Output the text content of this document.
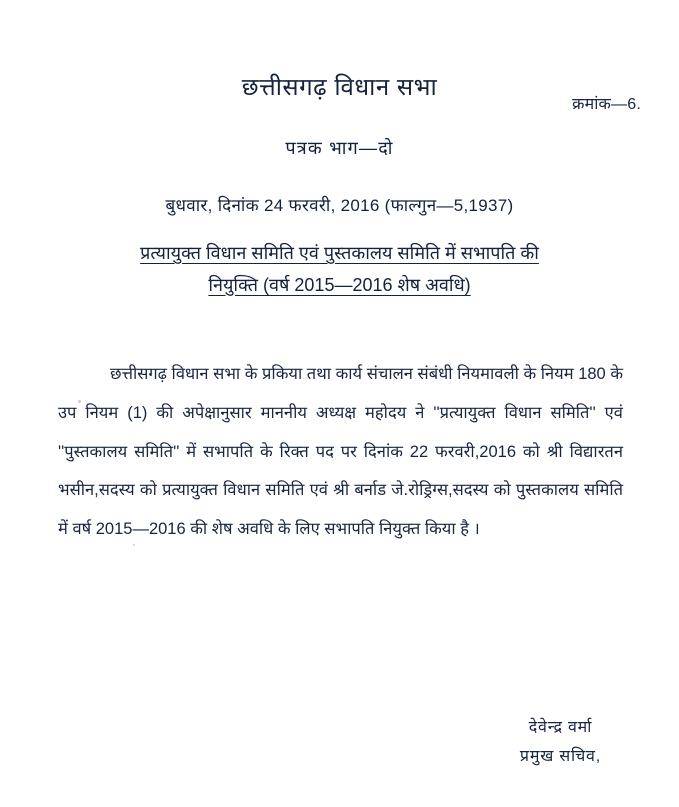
क्रमांक—6.
छत्तीसगढ़ विधान सभा
पत्रक भाग—दो
बुधवार, दिनांक 24 फरवरी, 2016 (फाल्गुन—5,1937)
प्रत्यायुक्त विधान समिति एवं पुस्तकालय समिति में सभापति की
नियुक्ति (वर्ष 2015—2016 शेष अवधि)

छत्तीसगढ़ विधान सभा के प्रकिया तथा कार्य संचालन संबंधी नियमावली के नियम 180 के उप नियम (1) की अपेक्षानुसार माननीय अध्यक्ष महोदय ने ''प्रत्यायुक्त विधान समिति'' एवं ''पुस्तकालय समिति'' में सभापति के रिक्त पद पर दिनांक 22 फरवरी,2016 को श्री विद्यारतन भसीन,सदस्य को प्रत्यायुक्त विधान समिति एवं श्री बर्नाड जे.रोड्रिग्स,सदस्य को पुस्तकालय समिति में वर्ष 2015—2016 की शेष अवधि के लिए सभापति नियुक्त किया है ।

देवेन्द्र वर्मा
प्रमुख सचिव,
